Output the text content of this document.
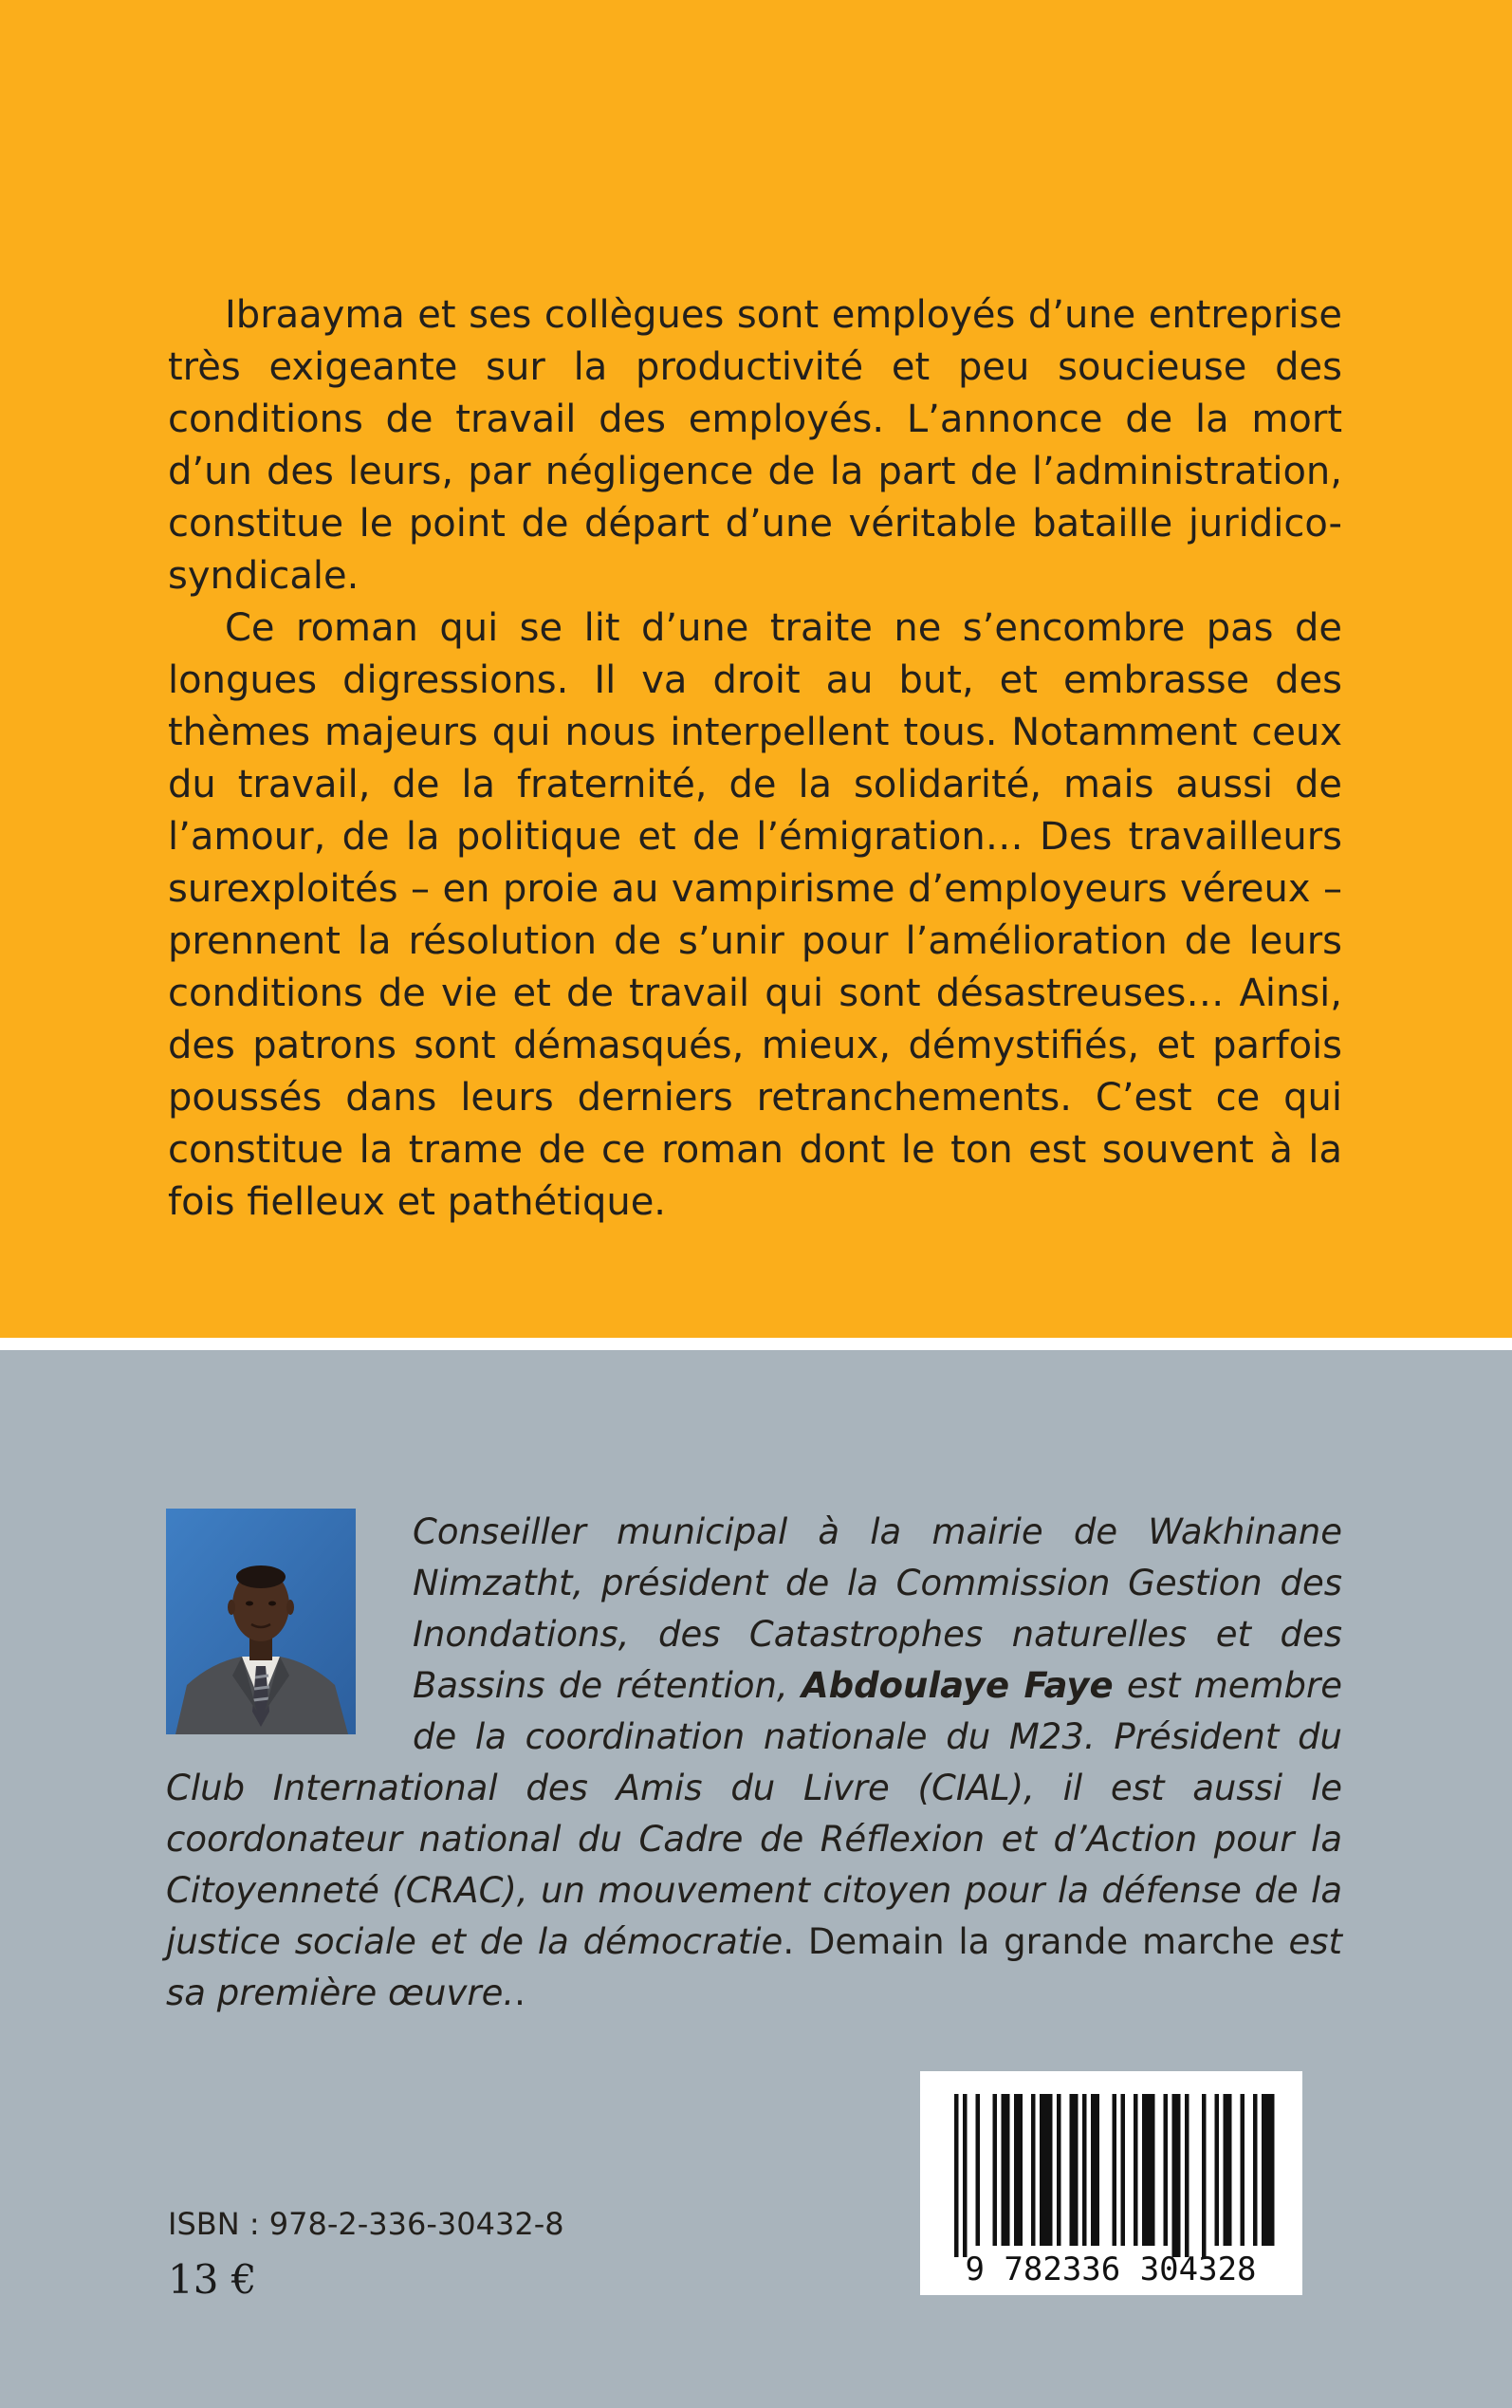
Ibraayma et ses collègues sont employés d’une entreprise très exigeante sur la productivité et peu soucieuse des conditions de travail des employés. L’annonce de la mort d’un des leurs, par négligence de la part de l’administration, constitue le point de départ d’une véritable bataille juridico-syndicale.

Ce roman qui se lit d’une traite ne s’encombre pas de longues digressions. Il va droit au but, et embrasse des thèmes majeurs qui nous interpellent tous. Notamment ceux du travail, de la fraternité, de la solidarité, mais aussi de l’amour, de la politique et de l’émigration… Des travailleurs surexploités – en proie au vampirisme d’employeurs véreux – prennent la résolution de s’unir pour l’amélioration de leurs conditions de vie et de travail qui sont désastreuses… Ainsi, des patrons sont démasqués, mieux, démystifiés, et parfois poussés dans leurs derniers retranchements. C’est ce qui constitue la trame de ce roman dont le ton est souvent à la fois fielleux et pathétique.

Conseiller municipal à la mairie de Wakhinane Nimzatht, président de la Commission Gestion des Inondations, des Catastrophes naturelles et des Bassins de rétention, Abdoulaye Faye est membre de la coordination nationale du M23. Président du Club International des Amis du Livre (CIAL), il est aussi le coordonateur national du Cadre de Réflexion et d’Action pour la Citoyenneté (CRAC), un mouvement citoyen pour la défense de la justice sociale et de la démocratie. Demain la grande marche est sa première œuvre..
ISBN : 978-2-336-30432-8
13 €	9 782336 304328
